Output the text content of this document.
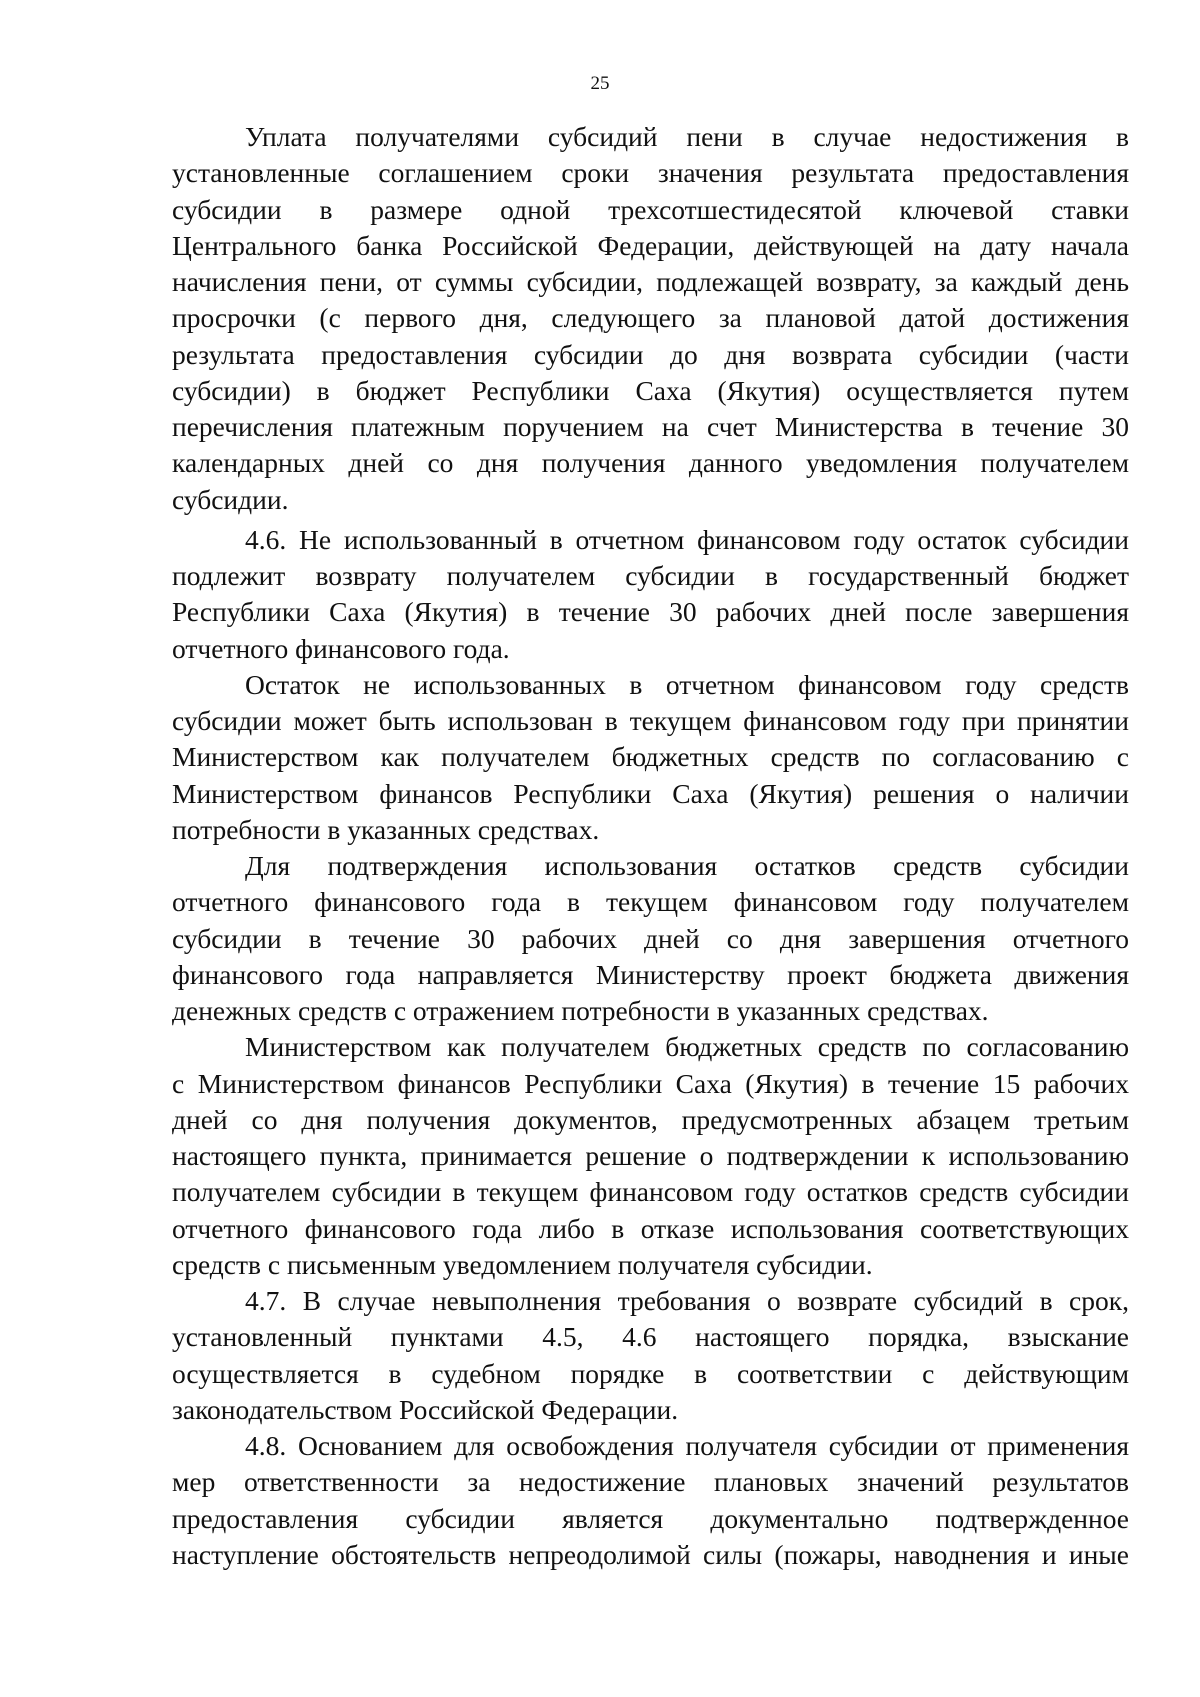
25
Уплата получателями субсидий пени в случае недостижения в
установленные соглашением сроки значения результата предоставления
субсидии в размере одной трехсотшестидесятой ключевой ставки
Центрального банка Российской Федерации, действующей на дату начала
начисления пени, от суммы субсидии, подлежащей возврату, за каждый день
просрочки (с первого дня, следующего за плановой датой достижения
результата предоставления субсидии до дня возврата субсидии (части
субсидии) в бюджет Республики Саха (Якутия) осуществляется путем
перечисления платежным поручением на счет Министерства в течение 30
календарных дней со дня получения данного уведомления получателем
субсидии.
4.6. Не использованный в отчетном финансовом году остаток субсидии
подлежит возврату получателем субсидии в государственный бюджет
Республики Саха (Якутия) в течение 30 рабочих дней после завершения
отчетного финансового года.
Остаток не использованных в отчетном финансовом году средств
субсидии может быть использован в текущем финансовом году при принятии
Министерством как получателем бюджетных средств по согласованию с
Министерством финансов Республики Саха (Якутия) решения о наличии
потребности в указанных средствах.
Для подтверждения использования остатков средств субсидии
отчетного финансового года в текущем финансовом году получателем
субсидии в течение 30 рабочих дней со дня завершения отчетного
финансового года направляется Министерству проект бюджета движения
денежных средств с отражением потребности в указанных средствах.
Министерством как получателем бюджетных средств по согласованию
с Министерством финансов Республики Саха (Якутия) в течение 15 рабочих
дней со дня получения документов, предусмотренных абзацем третьим
настоящего пункта, принимается решение о подтверждении к использованию
получателем субсидии в текущем финансовом году остатков средств субсидии
отчетного финансового года либо в отказе использования соответствующих
средств с письменным уведомлением получателя субсидии.
4.7. В случае невыполнения требования о возврате субсидий в срок,
установленный пунктами 4.5, 4.6 настоящего порядка, взыскание
осуществляется в судебном порядке в соответствии с действующим
законодательством Российской Федерации.
4.8. Основанием для освобождения получателя субсидии от применения
мер ответственности за недостижение плановых значений результатов
предоставления субсидии является документально подтвержденное
наступление обстоятельств непреодолимой силы (пожары, наводнения и иные
